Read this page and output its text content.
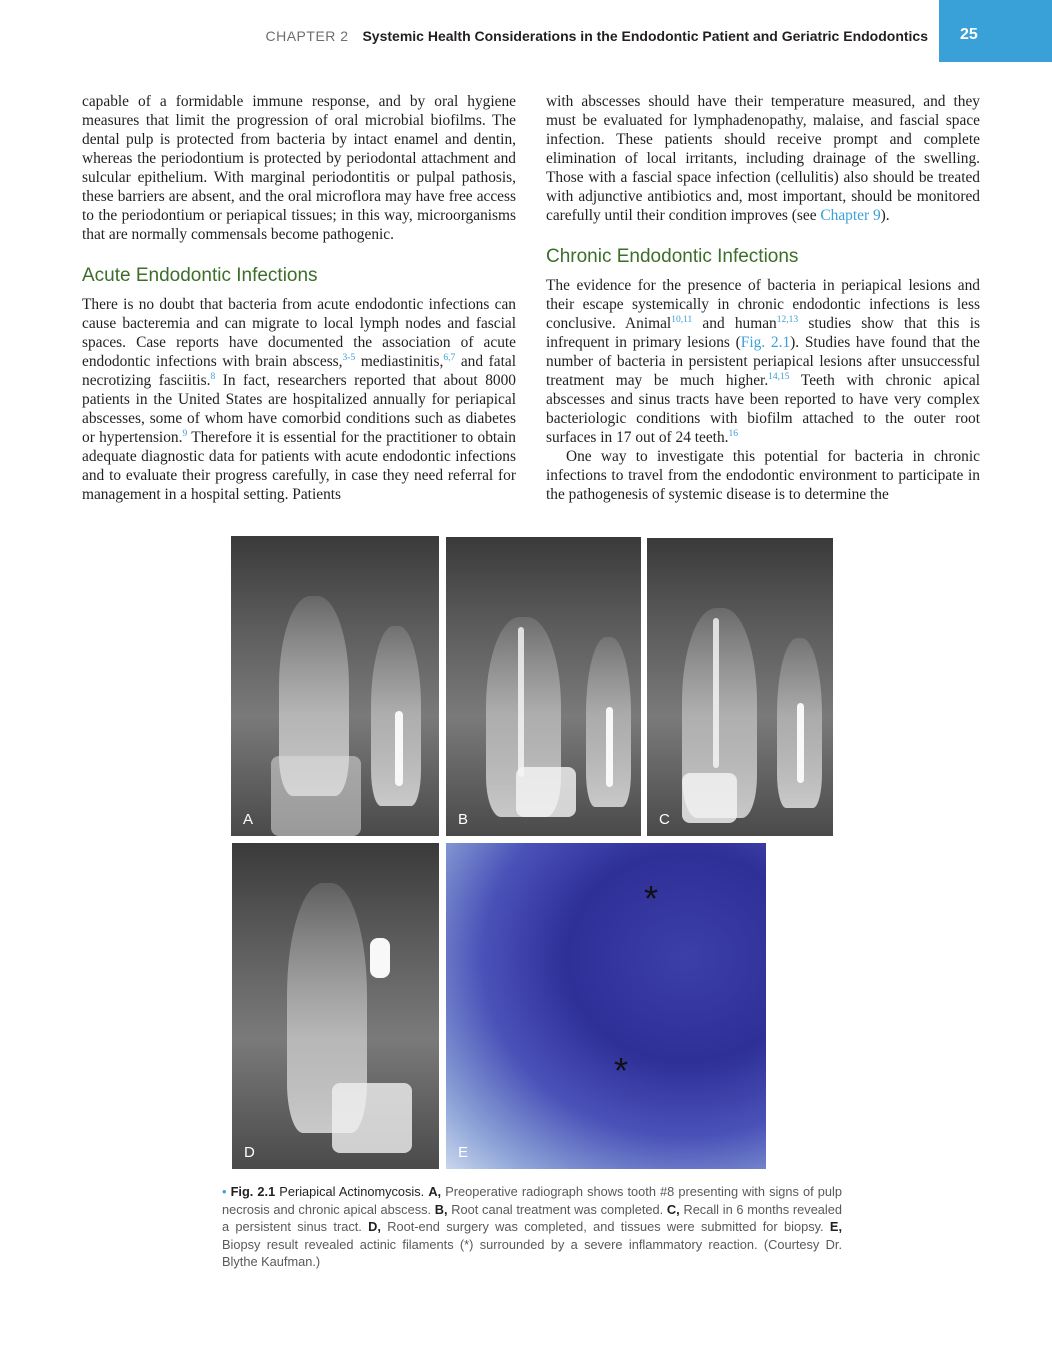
CHAPTER 2 Systemic Health Considerations in the Endodontic Patient and Geriatric Endodontics 25

capable of a formidable immune response, and by oral hygiene measures that limit the progression of oral microbial biofilms. The dental pulp is protected from bacteria by intact enamel and dentin, whereas the periodontium is protected by periodontal attachment and sulcular epithelium. With marginal periodontitis or pulpal pathosis, these barriers are absent, and the oral microflora may have free access to the periodontium or periapical tissues; in this way, microorganisms that are normally commensals become pathogenic.

Acute Endodontic Infections

There is no doubt that bacteria from acute endodontic infections can cause bacteremia and can migrate to local lymph nodes and fascial spaces. Case reports have documented the association of acute endodontic infections with brain abscess,$^{3-5}$ mediastinitis,$^{6,7}$ and fatal necrotizing fasciitis.$^8$ In fact, researchers reported that about 8000 patients in the United States are hospitalized annually for periapical abscesses, some of whom have comorbid conditions such as diabetes or hypertension.$^9$ Therefore it is essential for the practitioner to obtain adequate diagnostic data for patients with acute endodontic infections and to evaluate their progress carefully, in case they need referral for management in a hospital setting. Patients

with abscesses should have their temperature measured, and they must be evaluated for lymphadenopathy, malaise, and fascial space infection. These patients should receive prompt and complete elimination of local irritants, including drainage of the swelling. Those with a fascial space infection (cellulitis) also should be treated with adjunctive antibiotics and, most important, should be monitored carefully until their condition improves (see Chapter 9).

Chronic Endodontic Infections

The evidence for the presence of bacteria in periapical lesions and their escape systemically in chronic endodontic infections is less conclusive. Animal$^{10,11}$ and human$^{12,13}$ studies show that this is infrequent in primary lesions (Fig. 2.1). Studies have found that the number of bacteria in persistent periapical lesions after unsuccessful treatment may be much higher.$^{14,15}$ Teeth with chronic apical abscesses and sinus tracts have been reported to have very complex bacteriologic conditions with biofilm attached to the outer root surfaces in 17 out of 24 teeth.$^{16}$

One way to investigate this potential for bacteria in chronic infections to travel from the endodontic environment to participate in the pathogenesis of systemic disease is to determine the

A	B	C
D
*
*
E
• Fig. 2.1 Periapical Actinomycosis. A, Preoperative radiograph shows tooth #8 presenting with signs of pulp necrosis and chronic apical abscess. B, Root canal treatment was completed. C, Recall in 6 months revealed a persistent sinus tract. D, Root-end surgery was completed, and tissues were submitted for biopsy. E, Biopsy result revealed actinic filaments (*) surrounded by a severe inflammatory reaction. (Courtesy Dr. Blythe Kaufman.)
